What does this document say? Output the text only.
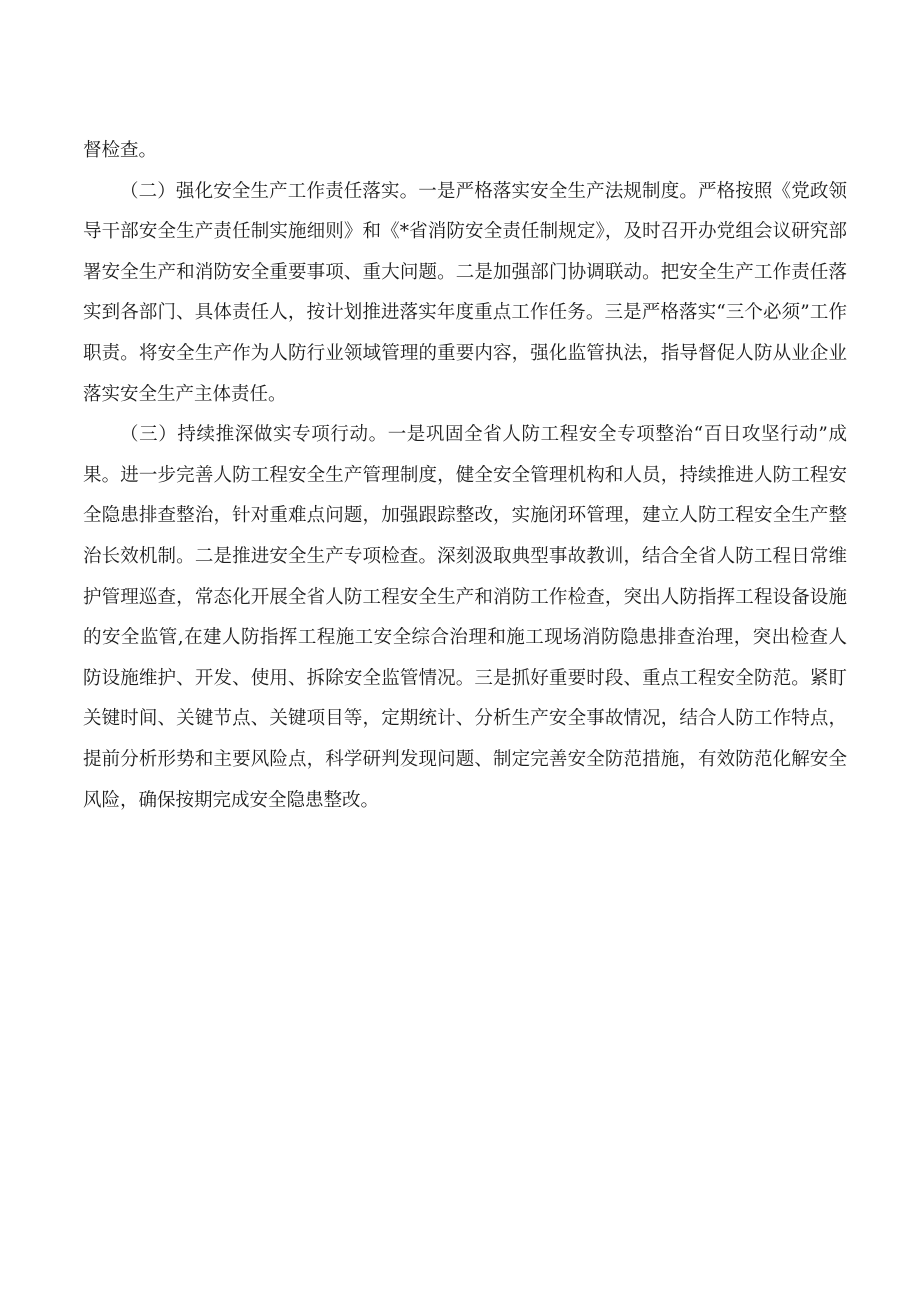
督检查。

（二）强化安全生产工作责任落实。一是严格落实安全生产法规制度。严格按照《党政领导干部安全生产责任制实施细则》和《*省消防安全责任制规定》，及时召开办党组会议研究部署安全生产和消防安全重要事项、重大问题。二是加强部门协调联动。把安全生产工作责任落实到各部门、具体责任人，按计划推进落实年度重点工作任务。三是严格落实“三个必须”工作职责。将安全生产作为人防行业领域管理的重要内容，强化监管执法，指导督促人防从业企业落实安全生产主体责任。

（三）持续推深做实专项行动。一是巩固全省人防工程安全专项整治“百日攻坚行动”成果。进一步完善人防工程安全生产管理制度，健全安全管理机构和人员，持续推进人防工程安全隐患排查整治，针对重难点问题，加强跟踪整改，实施闭环管理，建立人防工程安全生产整治长效机制。二是推进安全生产专项检查。深刻汲取典型事故教训，结合全省人防工程日常维护管理巡查，常态化开展全省人防工程安全生产和消防工作检查，突出人防指挥工程设备设施的安全监管,在建人防指挥工程施工安全综合治理和施工现场消防隐患排查治理，突出检查人防设施维护、开发、使用、拆除安全监管情况。三是抓好重要时段、重点工程安全防范。紧盯关键时间、关键节点、关键项目等，定期统计、分析生产安全事故情况，结合人防工作特点，提前分析形势和主要风险点，科学研判发现问题、制定完善安全防范措施，有效防范化解安全风险，确保按期完成安全隐患整改。
